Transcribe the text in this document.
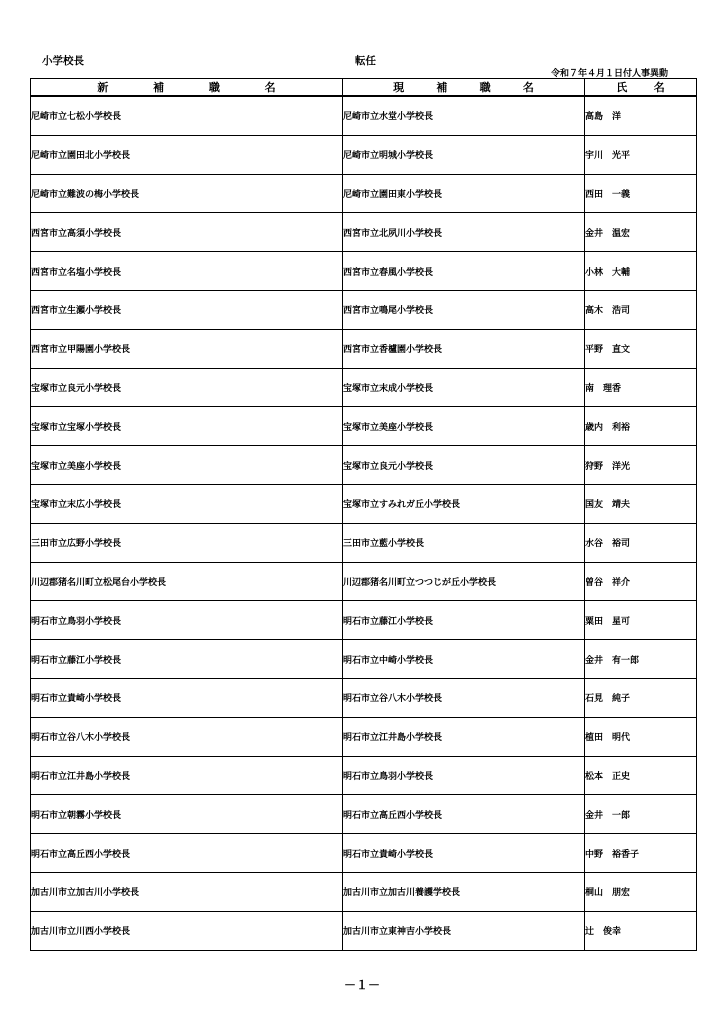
小学校長	転任
令和７年４月１日付人事異動
新 補 職 名	現 補 職 名	氏 名

尼崎市立七松小学校長	尼崎市立水堂小学校長	高島　洋
尼崎市立園田北小学校長	尼崎市立明城小学校長	宇川　光平
尼崎市立難波の梅小学校長	尼崎市立園田東小学校長	西田　一義
西宮市立高須小学校長	西宮市立北夙川小学校長	金井　温宏
西宮市立名塩小学校長	西宮市立春風小学校長	小林　大輔
西宮市立生瀬小学校長	西宮市立鳴尾小学校長	高木　浩司
西宮市立甲陽園小学校長	西宮市立香櫨園小学校長	平野　直文
宝塚市立良元小学校長	宝塚市立末成小学校長	南　理香
宝塚市立宝塚小学校長	宝塚市立美座小学校長	歳内　利裕
宝塚市立美座小学校長	宝塚市立良元小学校長	狩野　洋光
宝塚市立末広小学校長	宝塚市立すみれガ丘小学校長	国友　靖夫
三田市立広野小学校長	三田市立藍小学校長	水谷　裕司
川辺郡猪名川町立松尾台小学校長	川辺郡猪名川町立つつじが丘小学校長	曽谷　祥介
明石市立鳥羽小学校長	明石市立藤江小学校長	粟田　星可
明石市立藤江小学校長	明石市立中崎小学校長	金井　有一郎
明石市立貴崎小学校長	明石市立谷八木小学校長	石見　純子
明石市立谷八木小学校長	明石市立江井島小学校長	植田　明代
明石市立江井島小学校長	明石市立鳥羽小学校長	松本　正史
明石市立朝霧小学校長	明石市立高丘西小学校長	金井　一郎
明石市立高丘西小学校長	明石市立貴崎小学校長	中野　裕香子
加古川市立加古川小学校長	加古川市立加古川養護学校長	桐山　朋宏
加古川市立川西小学校長	加古川市立東神吉小学校長	辻　俊幸
－１－
